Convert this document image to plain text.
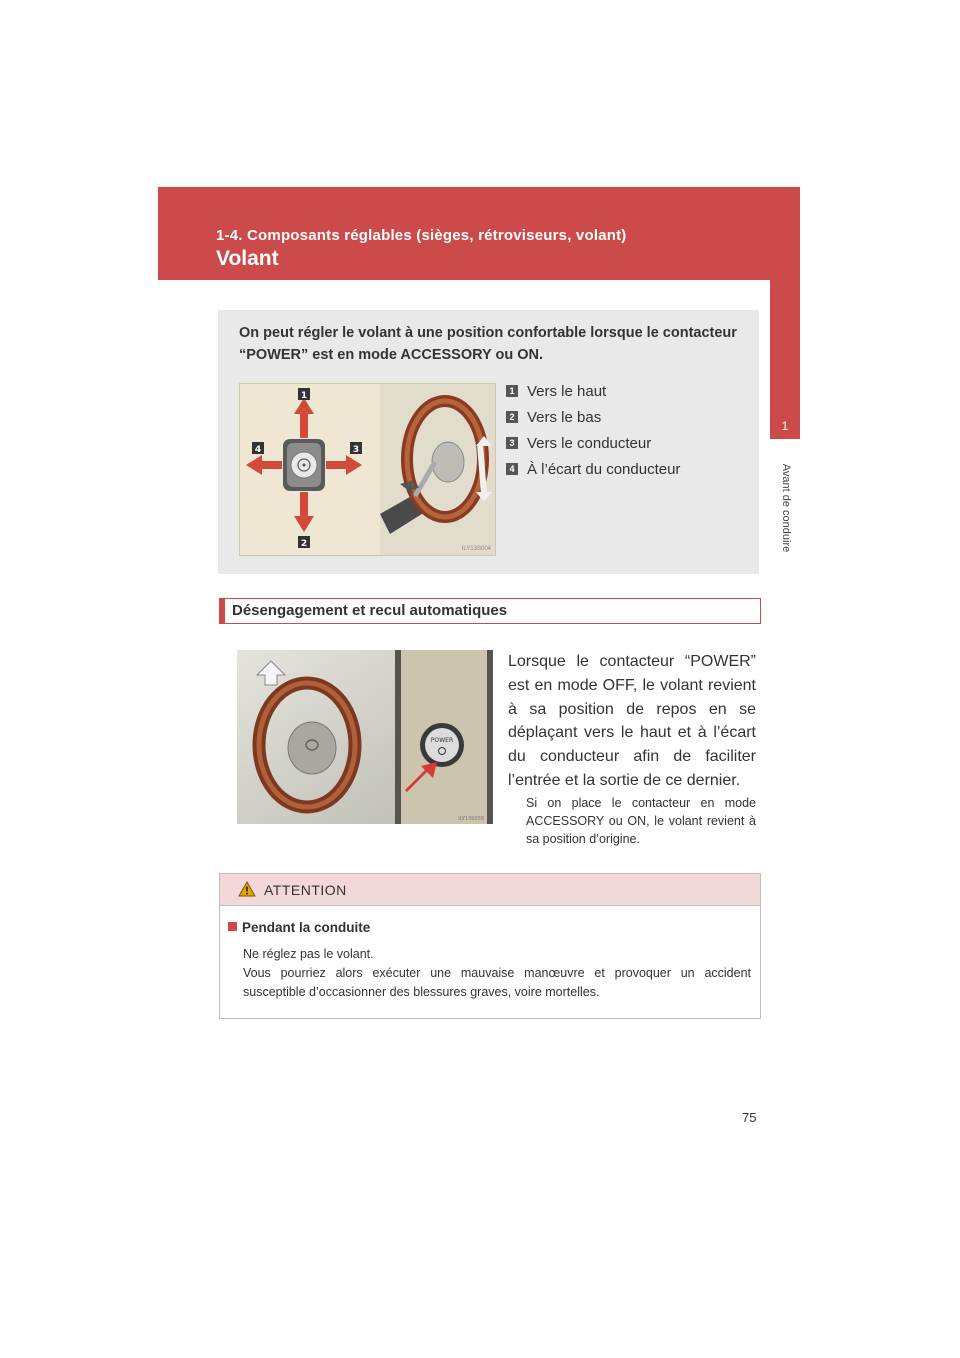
1-4. Composants réglables (sièges, rétroviseurs, volant)
Volant
1
Avant de conduire
On peut régler le volant à une position confortable lorsque le contacteur “POWER” est en mode ACCESSORY ou ON.
1
2
3
4
ILY13S004
1 Vers le haut
2 Vers le bas
3 Vers le conducteur
4 À l’écart du conducteur
Désengagement et recul automatiques
POWER
ILY13S038
Lorsque le contacteur “POWER” est en mode OFF, le volant revient à sa position de repos en se déplaçant vers le haut et à l’écart du conducteur afin de faciliter l’entrée et la sortie de ce dernier.
Si on place le contacteur en mode ACCESSORY ou ON, le volant revient à sa position d’origine.
ATTENTION
Pendant la conduite
Ne réglez pas le volant.
Vous pourriez alors exécuter une mauvaise manœuvre et provoquer un accident susceptible d’occasionner des blessures graves, voire mortelles.
75
